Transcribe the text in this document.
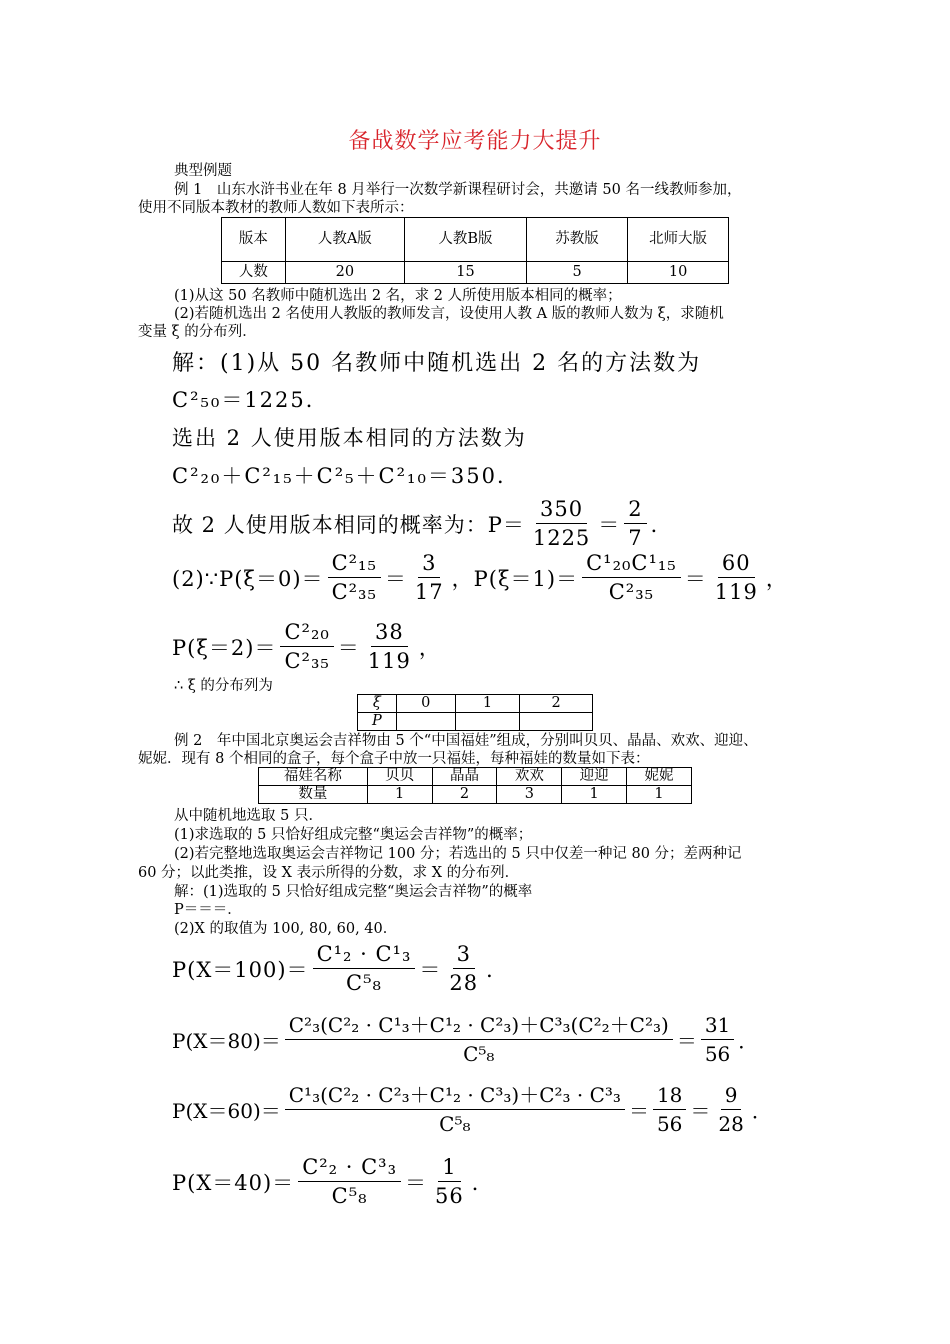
备战数学应考能力大提升
典型例题
例 1　山东水浒书业在年 8 月举行一次数学新课程研讨会，共邀请 50 名一线教师参加，
使用不同版本教材的教师人数如下表所示：
版本	人教A版	人教B版	苏教版	北师大版
人数	20	15	5	10
(1)从这 50 名教师中随机选出 2 名，求 2 人所使用版本相同的概率；
(2)若随机选出 2 名使用人教版的教师发言，设使用人教 A 版的教师人数为 ξ，求随机
变量 ξ 的分布列．
解：(1)从 50 名教师中随机选出 2 名的方法数为
C²₅₀＝1225．
选出 2 人使用版本相同的方法数为
C²₂₀＋C²₁₅＋C²₅＋C²₁₀＝350．
故 2 人使用版本相同的概率为：$P= \frac{350}{1225} = \frac{2}{7}$ ．
(2)∵P(ξ＝0)＝ $\frac{\text{C²₁₅}}{\text{C²₃₅}} = \frac{3}{17}$ ，$P(\xi=1)= \frac{\text{C¹₂₀C¹₁₅}}{\text{C²₃₅}} = \frac{60}{119}$ ，
$P(\xi=2)= \frac{\text{C²₂₀}}{\text{C²₃₅}} = \frac{38}{119}$ ，
∴ ξ 的分布列为
ξ	0	1	2
P			
例 2　年中国北京奥运会吉祥物由 5 个“中国福娃”组成，分别叫贝贝、晶晶、欢欢、迎迎、
妮妮．现有 8 个相同的盒子，每个盒子中放一只福娃，每种福娃的数量如下表：
福娃名称	贝贝	晶晶	欢欢	迎迎	妮妮
数量	1	2	3	1	1
从中随机地选取 5 只．
(1)求选取的 5 只恰好组成完整“奥运会吉祥物”的概率；
(2)若完整地选取奥运会吉祥物记 100 分；若选出的 5 只中仅差一种记 80 分；差两种记
60 分；以此类推，设 X 表示所得的分数，求 X 的分布列．
解：(1)选取的 5 只恰好组成完整“奥运会吉祥物”的概率
P＝＝＝．
(2)X 的取值为 100, 80, 60, 40．
$P(X=100)= \frac{\text{C¹₂ · C¹₃}}{\text{C⁵₈}} = \frac{3}{28}$ ．
$P(X=80)= \frac{\text{C²₃(C²₂ · C¹₃＋C¹₂ · C²₃)＋C³₃(C²₂＋C²₃)}}{\text{C⁵₈}} = \frac{31}{56}$ ．
$P(X=60)= \frac{\text{C¹₃(C²₂ · C²₃＋C¹₂ · C³₃)＋C²₃ · C³₃}}{\text{C⁵₈}} = \frac{18}{56} = \frac{9}{28}$ ．
$P(X=40)= \frac{\text{C²₂ · C³₃}}{\text{C⁵₈}} = \frac{1}{56}$ ．
